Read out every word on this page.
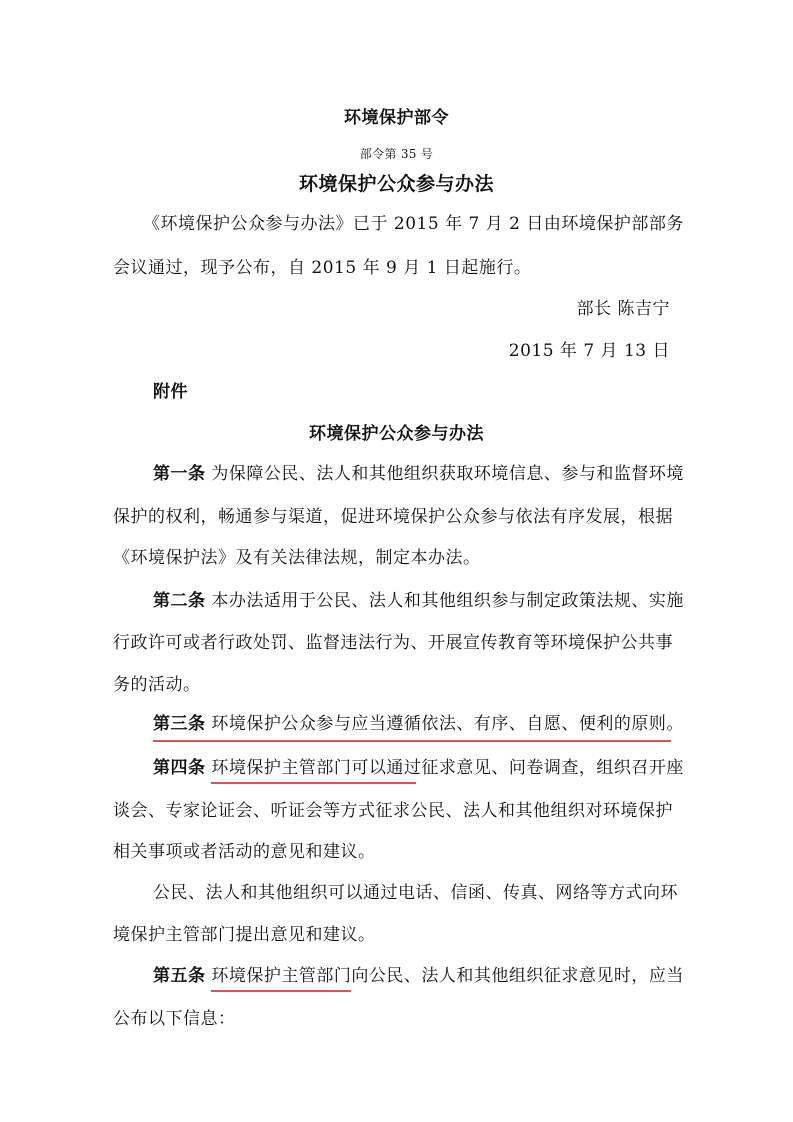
环境保护部令
部令第 35 号
环境保护公众参与办法
《环境保护公众参与办法》已于 2015 年 7 月 2 日由环境保护部部务
会议通过，现予公布，自 2015 年 9 月 1 日起施行。
部长 陈吉宁
2015 年 7 月 13 日
附件
环境保护公众参与办法
第一条 为保障公民、法人和其他组织获取环境信息、参与和监督环境
保护的权利，畅通参与渠道，促进环境保护公众参与依法有序发展，根据
《环境保护法》及有关法律法规，制定本办法。
第二条 本办法适用于公民、法人和其他组织参与制定政策法规、实施
行政许可或者行政处罚、监督违法行为、开展宣传教育等环境保护公共事
务的活动。
第三条 环境保护公众参与应当遵循依法、有序、自愿、便利的原则。
第四条 环境保护主管部门可以通过征求意见、问卷调查，组织召开座
谈会、专家论证会、听证会等方式征求公民、法人和其他组织对环境保护
相关事项或者活动的意见和建议。
公民、法人和其他组织可以通过电话、信函、传真、网络等方式向环
境保护主管部门提出意见和建议。
第五条 环境保护主管部门向公民、法人和其他组织征求意见时，应当
公布以下信息：
